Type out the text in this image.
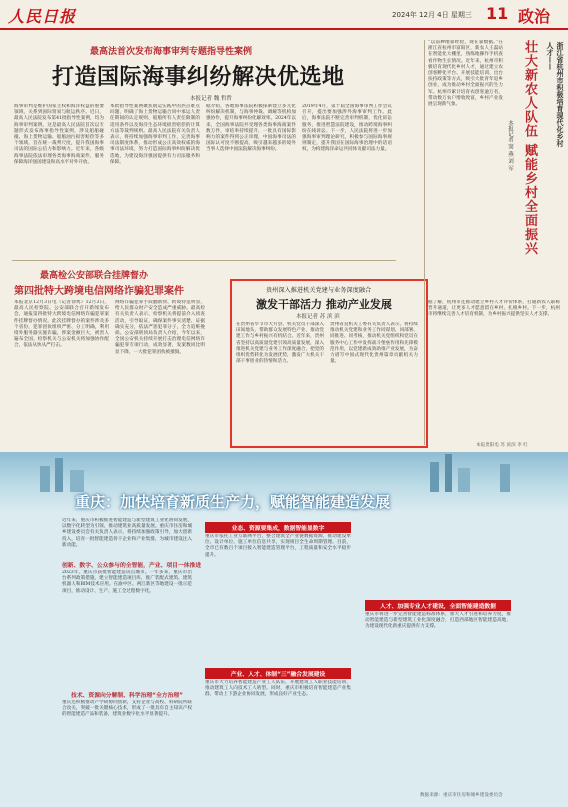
人民日报	2024年 12月 4日 星期三 11 政治
最高法首次发布海事审判专题指导性案例
打造国际海事纠纷解决优选地
本报记者 魏 哲哲
海事审判是维护国家主权和海洋权益的重要领域，关系到国际贸易与航运秩序。近日，最高人民法院发布第41批指导性案例，均为海事审判案例。这是最高人民法院首次以专题形式发布海事指导性案例，涉及船舶碰撞、海上货物运输、船舶油污损害赔偿等多个领域，旨在统一裁判尺度，提升我国海事司法的国际公信力和影响力。近年来，各级海事法院依法审理各类海事海商案件，服务保障海洋强国建设和高水平对外开放。
本批指导性案例聚焦航运实践中的热点难点问题，明确了海上货物运输合同中承运人责任期间的认定规则、船舶所有人责任限制的适用条件以及海洋生态环境损害赔偿的计算方法等裁判规则。最高人民法院有关负责人表示，将持续加强海事审判工作，完善海事司法制度体系，推动形成公正高效权威的海事司法环境，努力打造国际海事纠纷解决优选地，为建设海洋强国提供有力司法服务和保障。
据介绍，各地海事法院积极探索建立多元化纠纷解决机制，与海事仲裁、调解等机构加强协作，提升海事纠纷化解效率。2024年以来，全国海事法院共受理各类海事海商案件数万件，审结率持续提升，一批具有国际影响力的案件得到公正审理，中国海事司法的国际认可度不断提高，吸引越来越多的境外当事人选择中国法院解决海事纠纷。
2019年4月，第十届全国海事审判工作会议召开，提出要加强涉外海事审判工作。此后，海事法院不断完善审判机制，优化诉讼服务，推进智慧法院建设，推动跨境海事纠纷在线诉讼。下一步，人民法院将进一步加强海事审判理论研究，积极参与国际海事规则制定，提升我国在国际海事治理中的话语权，为构建海洋命运共同体贡献司法力量。
最高检公安部联合挂牌督办
第四批特大跨境电信网络诈骗犯罪案件
本报北京12月3日电（记者徐隽）12月3日，最高人民检察院、公安部联合召开新闻发布会，通报第四批特大跨境电信网络诈骗犯罪案件挂牌督办情况。此次挂牌督办的案件涉及多个省份，犯罪团伙组织严密、分工明确，利用境外服务器实施诈骗，涉案金额巨大，被害人遍布全国。检察机关与公安机关将加强协作配合，依法从快从严打击。
网络诈骗犯罪手段翻新快、跨境特征明显，给人民群众财产安全造成严重威胁。最高检有关负责人表示，检察机关将提前介入侦查活动，引导取证，确保案件事实清楚、证据确实充分，依法严惩犯罪分子，全力追赃挽损。公安部刑侦局负责人介绍，今年以来，全国公安机关持续开展打击治理电信网络诈骗犯罪专项行动，成效显著，发案数同比明显下降，一大批犯罪团伙被摧毁。
贵州深入推进机关党建与业务深度融合
激发干部活力 推动产业发展
本报记者 苏 滨 滨
在贵州省毕节市大方县，机关党员干部深入田间地头，帮助群众发展特色产业，推动党建工作与乡村振兴有机结合。近年来，贵州省坚持以高质量党建引领高质量发展，深入推进机关党建与业务工作深度融合，把党的组织优势转化为发展优势，激发广大机关干部干事创业的热情和活力。
贵州省直机关工委有关负责人表示，将持续推动机关党建和业务工作同谋划、同部署、同推进、同考核，推动机关党组织和党员在服务中心工作中发挥战斗堡垒作用和先锋模范作用，以党建新成效助推产业发展，为奋力谱写中国式现代化贵州篇章贡献机关力量。
本报贵阳电 苏 滨滨 李 红
浙江省杭州市积极培育现代化乡村人才——
壮大新农人队伍 赋能乡村全面振兴
本报记者 窦 燕 刘 军
“以前种地靠经验，现在靠数据。”在浙江省杭州市富阳区，新农人王磊站在智能化大棚里，熟练地操作手机查看作物生长情况。近年来，杭州市积极培育现代化乡村人才，通过建立农创客孵化平台、开展技能培训、出台扶持政策等方式，吸引大批青年返乡创业，成为推动乡村全面振兴的生力军。杭州市累计培育农创客逾万名，带动数万农户增收致富，乡村产业发展呈现新气象。
据了解，杭州市还推动建立乡村人才评价体系，打通新农人职称晋升通道，让更多人才愿意留在乡村、扎根乡村。下一步，杭州市将继续完善人才培育机制，为乡村振兴提供坚实人才支撑。
重庆：加快培育新质生产力，赋能智能建造发展
近年来，重庆市积极推进智能建造与新型建筑工业化协同发展，以数字化转型为引领，推动建筑业高质量发展。重庆市住房和城乡建设委员会有关负责人表示，将持续加强政策引导，加大创新投入，培育一批智能建造骨干企业和产业集群，为城市建设注入新动能。
创新、数字、公众参与的全智能，产业、项目一体推进
2023年，重庆市获批智能建造试点城市。一年多来，重庆市出台系列政策措施，建立智能建造项目库，推广装配式建筑、建筑机器人和BIM技术应用。在渝中区、两江新区等地建设一批示范项目，推动设计、生产、施工全过程数字化。
技术、资源向分解制、科学治理“全方治理”
重庆还积极推动产学研协同创新，支持企业与高校、科研院所联合攻关，突破一批关键核心技术，形成了一批具有自主知识产权的智能建造产品和装备，建筑业数字化水平显著提升。
业态、资源要集成，数据智能显数字
重庆市依托工业互联网平台，整合建筑全产业链数据资源，推动建设单位、设计单位、施工单位信息共享，实现项目全生命周期管理。目前，全市已有数百个项目接入智能建造管理平台，工程质量和安全水平稳步提升。
产业、人才、体制“三”融合发展建设
重庆市大力培养智能建造产业工人队伍，开展建筑工人职业技能培训，推动建筑工人向技术工人转型。同时，重庆市积极培育智能建造产业集群，带动上下游企业协同发展，形成良好产业生态。
人才、加强专业人才建设，全面智能建造数据
重庆市将进一步完善智能建造标准体系，加大人才引进和培养力度，推动智能建造与新型建筑工业化深度融合，打造西部地区智能建造高地，为建设现代化新重庆提供有力支撑。
数据来源：重庆市住房和城乡建设委员会
